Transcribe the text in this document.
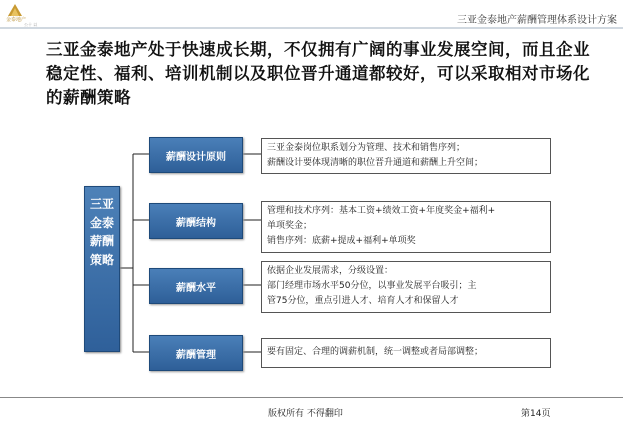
金泰地产
公十 以	三亚金泰地产薪酬管理体系设计方案
三亚金泰地产处于快速成长期，不仅拥有广阔的事业发展空间，而且企业稳定性、福利、培训机制以及职位晋升通道都较好，可以采取相对市场化的薪酬策略
三亚金泰薪酬策略
薪酬设计原则
薪酬结构
薪酬水平
薪酬管理
三亚金泰岗位职系划分为管理、技术和销售序列；
薪酬设计要体现清晰的职位晋升通道和薪酬上升空间；
管理和技术序列：基本工资+绩效工资+年度奖金+福利+
单项奖金；
销售序列：底薪+提成+福利+单项奖
依据企业发展需求，分级设置：
部门经理市场水平50分位，以事业发展平台吸引；主
管75分位，重点引进人才、培育人才和保留人才
要有固定、合理的调薪机制，统一调整或者局部调整；
版权所有 不得翻印	第14页
